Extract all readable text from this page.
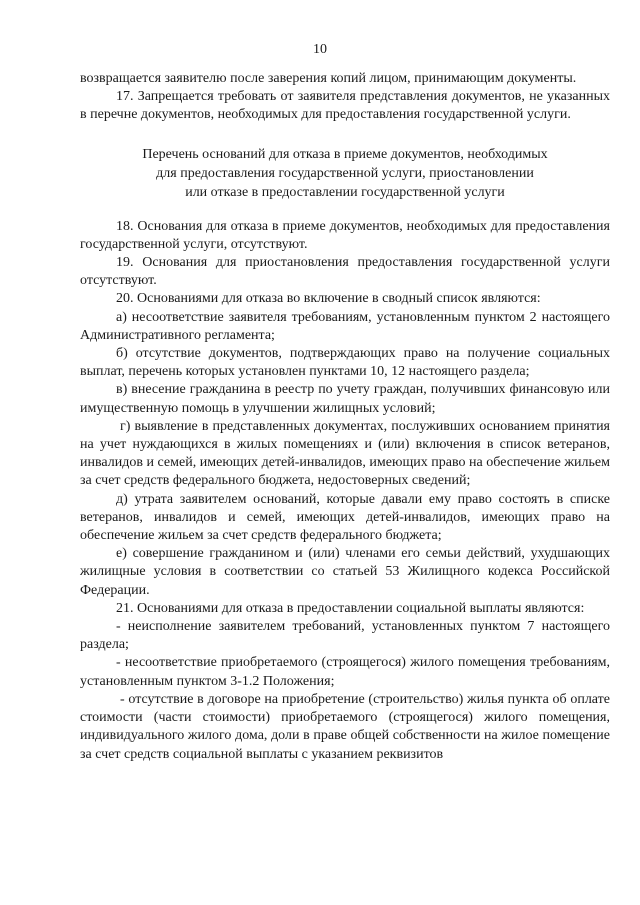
10

возвращается заявителю после заверения копий лицом, принимающим документы.

17. Запрещается требовать от заявителя представления документов, не указанных в перечне документов, необходимых для предоставления государственной услуги.

Перечень оснований для отказа в приеме документов, необходимых
для предоставления государственной услуги, приостановлении
или отказе в предоставлении государственной услуги

18. Основания для отказа в приеме документов, необходимых для предоставления государственной услуги, отсутствуют.

19. Основания для приостановления предоставления государственной услуги отсутствуют.

20. Основаниями для отказа во включение в сводный список являются:

а) несоответствие заявителя требованиям, установленным пунктом 2 настоящего Административного регламента;

б) отсутствие документов, подтверждающих право на получение социальных выплат, перечень которых установлен пунктами 10, 12 настоящего раздела;

в) внесение гражданина в реестр по учету граждан, получивших финансовую или имущественную помощь в улучшении жилищных условий;

г) выявление в представленных документах, послуживших основанием принятия на учет нуждающихся в жилых помещениях и (или) включения в список ветеранов, инвалидов и семей, имеющих детей-инвалидов, имеющих право на обеспечение жильем за счет средств федерального бюджета, недостоверных сведений;

д) утрата заявителем оснований, которые давали ему право состоять в списке ветеранов, инвалидов и семей, имеющих детей-инвалидов, имеющих право на обеспечение жильем за счет средств федерального бюджета;

е) совершение гражданином и (или) членами его семьи действий, ухудшающих жилищные условия в соответствии со статьей 53 Жилищного кодекса Российской Федерации.

21. Основаниями для отказа в предоставлении социальной выплаты являются:

- неисполнение заявителем требований, установленных пунктом 7 настоящего раздела;

- несоответствие приобретаемого (строящегося) жилого помещения требованиям, установленным пунктом 3-1.2 Положения;

- отсутствие в договоре на приобретение (строительство) жилья пункта об оплате стоимости (части стоимости) приобретаемого (строящегося) жилого помещения, индивидуального жилого дома, доли в праве общей собственности на жилое помещение за счет средств социальной выплаты с указанием реквизитов
